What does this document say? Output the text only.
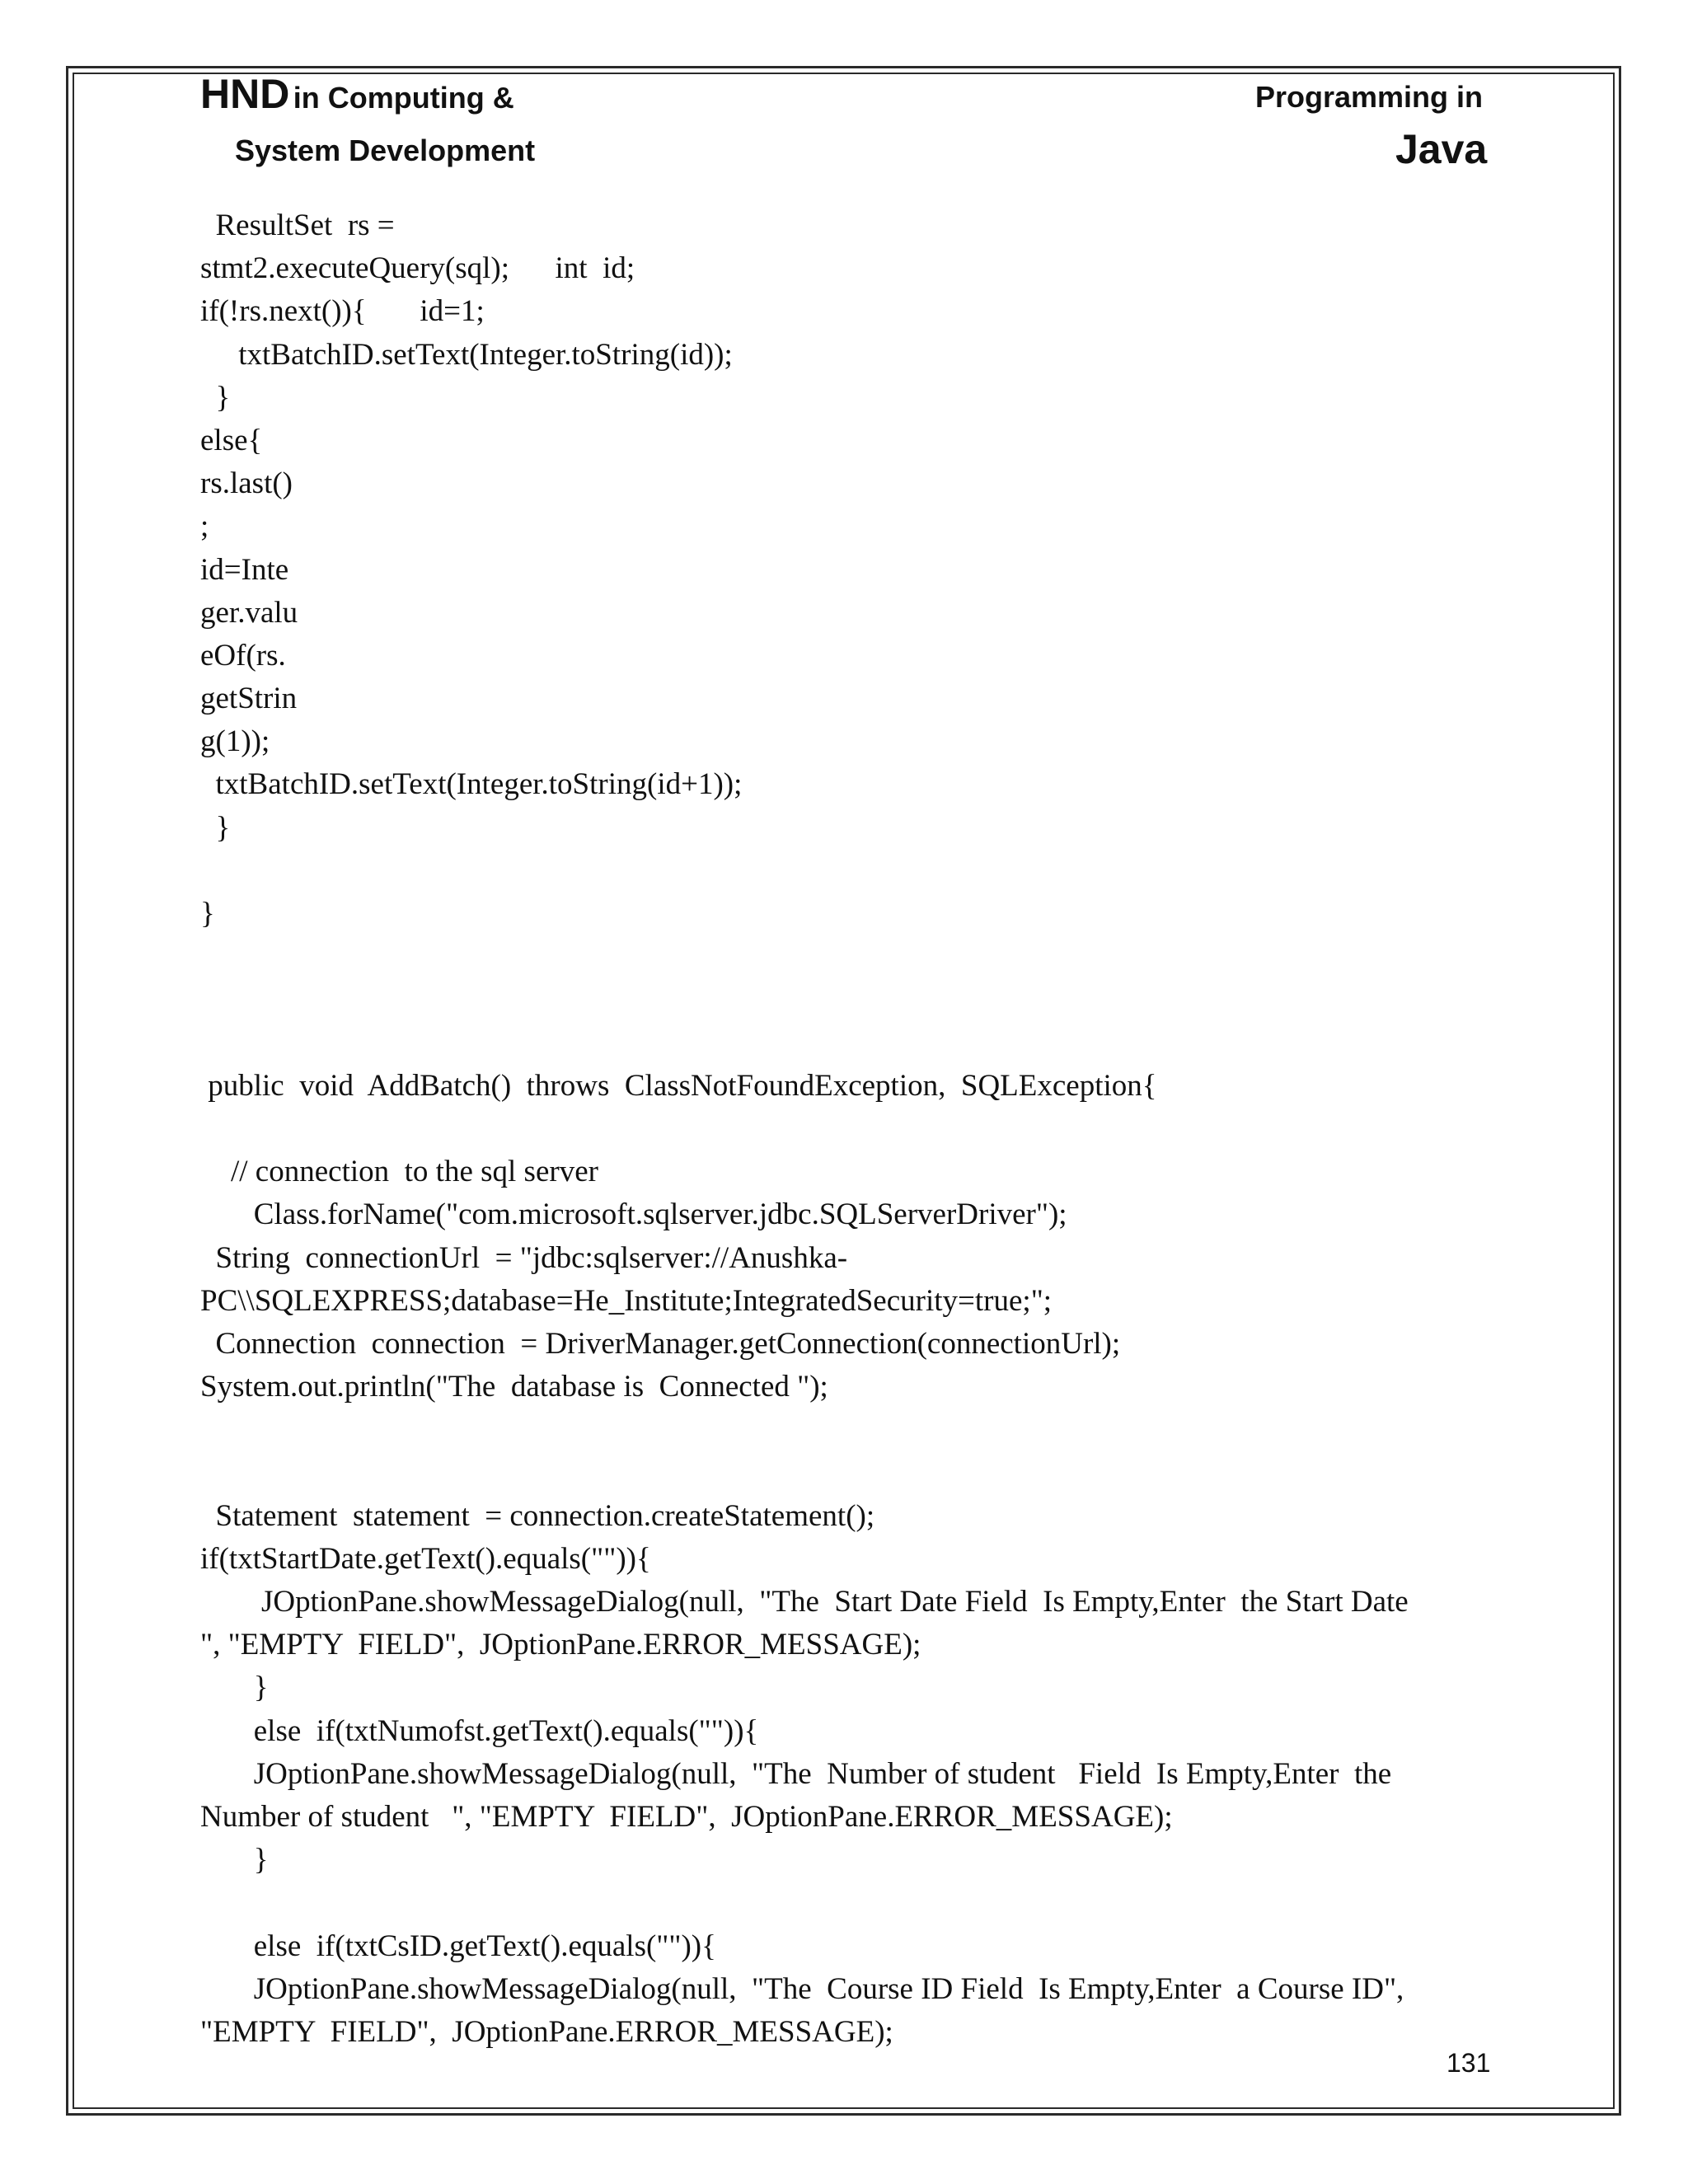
HND in Computing &
System Development
Programming in
Java
ResultSet  rs =
stmt2.executeQuery(sql);      int  id;
if(!rs.next()){       id=1;
txtBatchID.setText(Integer.toString(id));
}
else{
rs.last()
;
id=Inte
ger.valu
eOf(rs.
getStrin
g(1));
txtBatchID.setText(Integer.toString(id+1));
}
}
public  void  AddBatch()  throws  ClassNotFoundException,  SQLException{
// connection  to the sql server
Class.forName("com.microsoft.sqlserver.jdbc.SQLServerDriver");
String  connectionUrl  = "jdbc:sqlserver://Anushka-
PC\\SQLEXPRESS;database=He_Institute;IntegratedSecurity=true;";
Connection  connection  = DriverManager.getConnection(connectionUrl);
System.out.println("The  database is  Connected ");
Statement  statement  = connection.createStatement();
if(txtStartDate.getText().equals("")){
JOptionPane.showMessageDialog(null,  "The  Start Date Field  Is Empty,Enter  the Start Date
", "EMPTY  FIELD",  JOptionPane.ERROR_MESSAGE);
}
else  if(txtNumofst.getText().equals("")){
JOptionPane.showMessageDialog(null,  "The  Number of student   Field  Is Empty,Enter  the
Number of student   ", "EMPTY  FIELD",  JOptionPane.ERROR_MESSAGE);
}
else  if(txtCsID.getText().equals("")){
JOptionPane.showMessageDialog(null,  "The  Course ID Field  Is Empty,Enter  a Course ID",
"EMPTY  FIELD",  JOptionPane.ERROR_MESSAGE);
131
